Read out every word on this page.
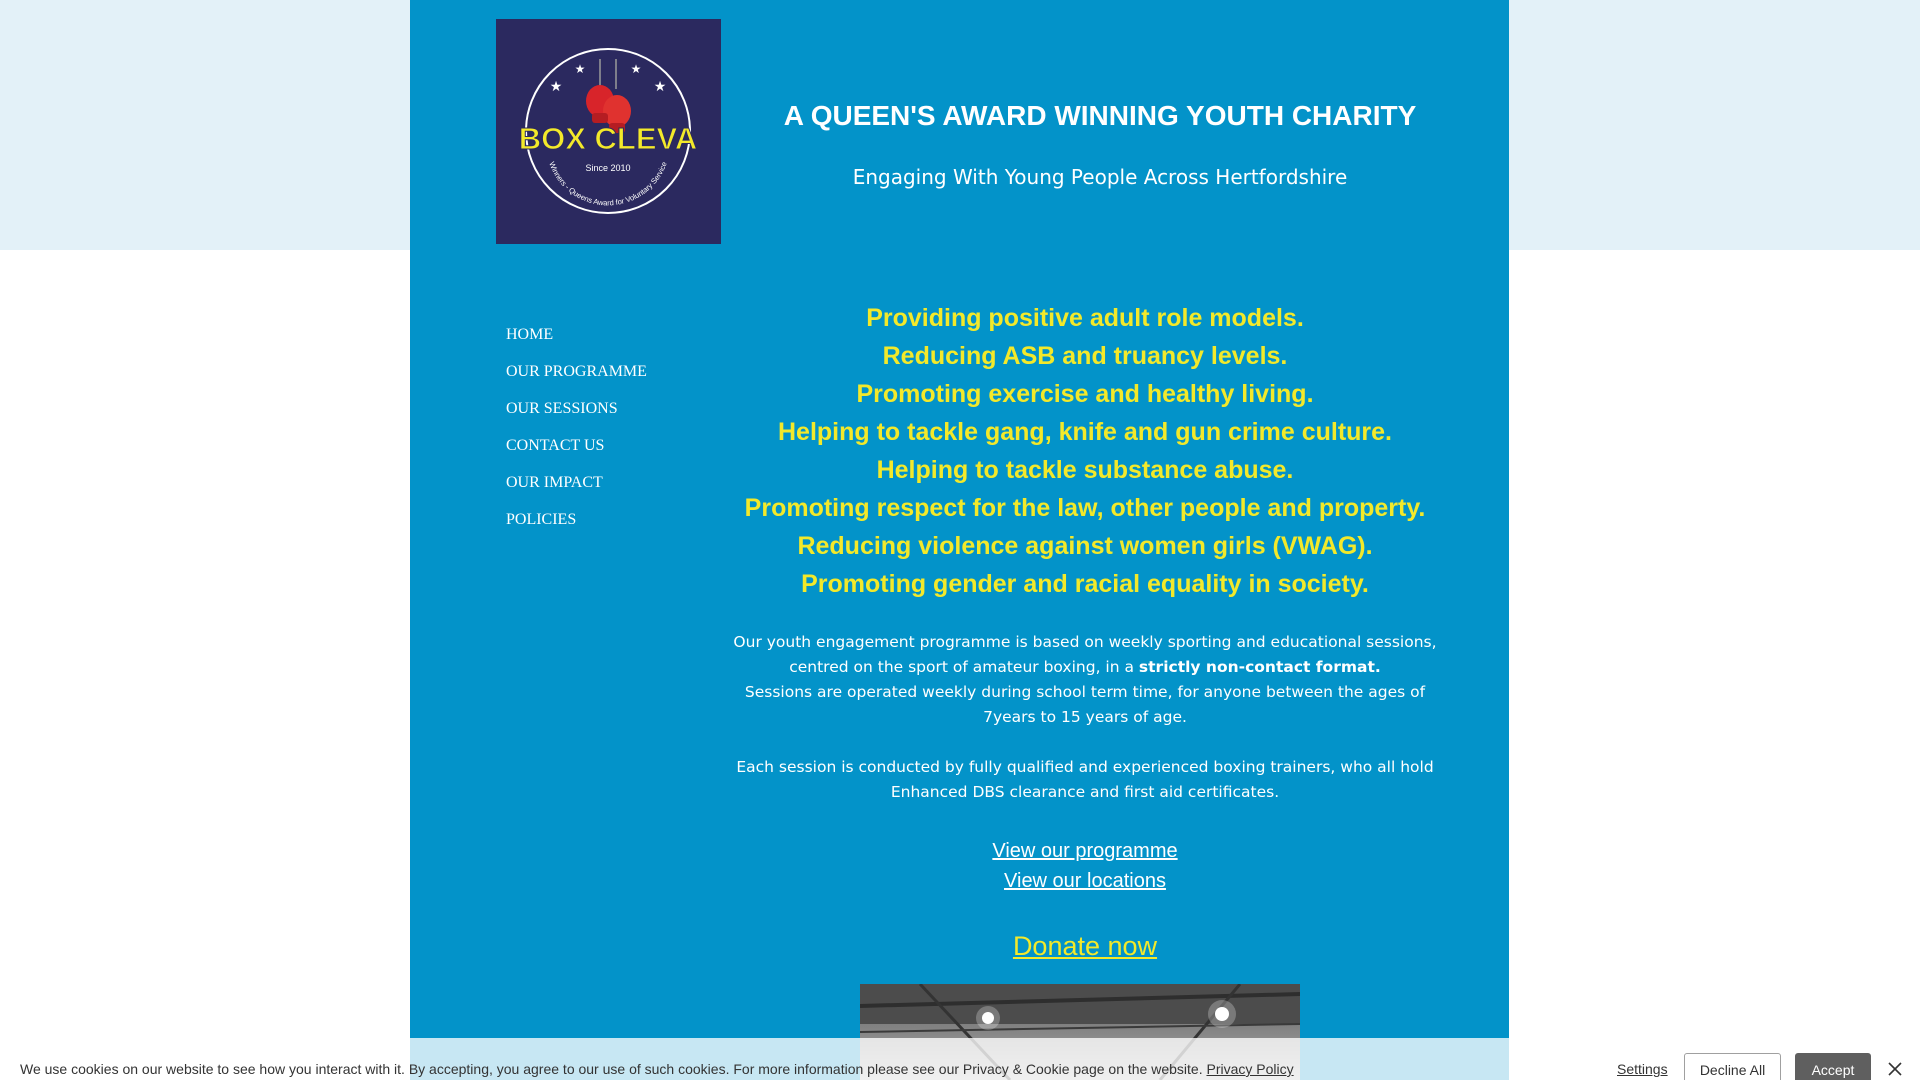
★
★	★
★
BOX CLEVA
Since 2010
Winners - Queens Award for Voluntary Service
A QUEEN'S AWARD WINNING YOUTH CHARITY
Engaging With Young People Across Hertfordshire
HOME
OUR PROGRAMME
OUR SESSIONS
CONTACT US
OUR IMPACT
POLICIES
Providing positive adult role models.
Reducing ASB and truancy levels.
Promoting exercise and healthy living.
Helping to tackle gang, knife and gun crime culture.
Helping to tackle substance abuse.
Promoting respect for the law, other people and property.
Reducing violence against women girls (VWAG).
Promoting gender and racial equality in society.

Our youth engagement programme is based on weekly sporting and educational sessions, centred on the sport of amateur boxing, in a strictly non-contact format.

Sessions are operated weekly during school term time, for anyone between the ages of 7years to 15 years of age.

Each session is conducted by fully qualified and experienced boxing trainers, who all hold Enhanced DBS clearance and first aid certificates.

View our programme
View our locations
Donate now
We use cookies on our website to see how you interact with it. By accepting, you agree to our use of such cookies. For more information please see our Privacy & Cookie page on the website. Privacy Policy	Settings	Decline All	Accept
